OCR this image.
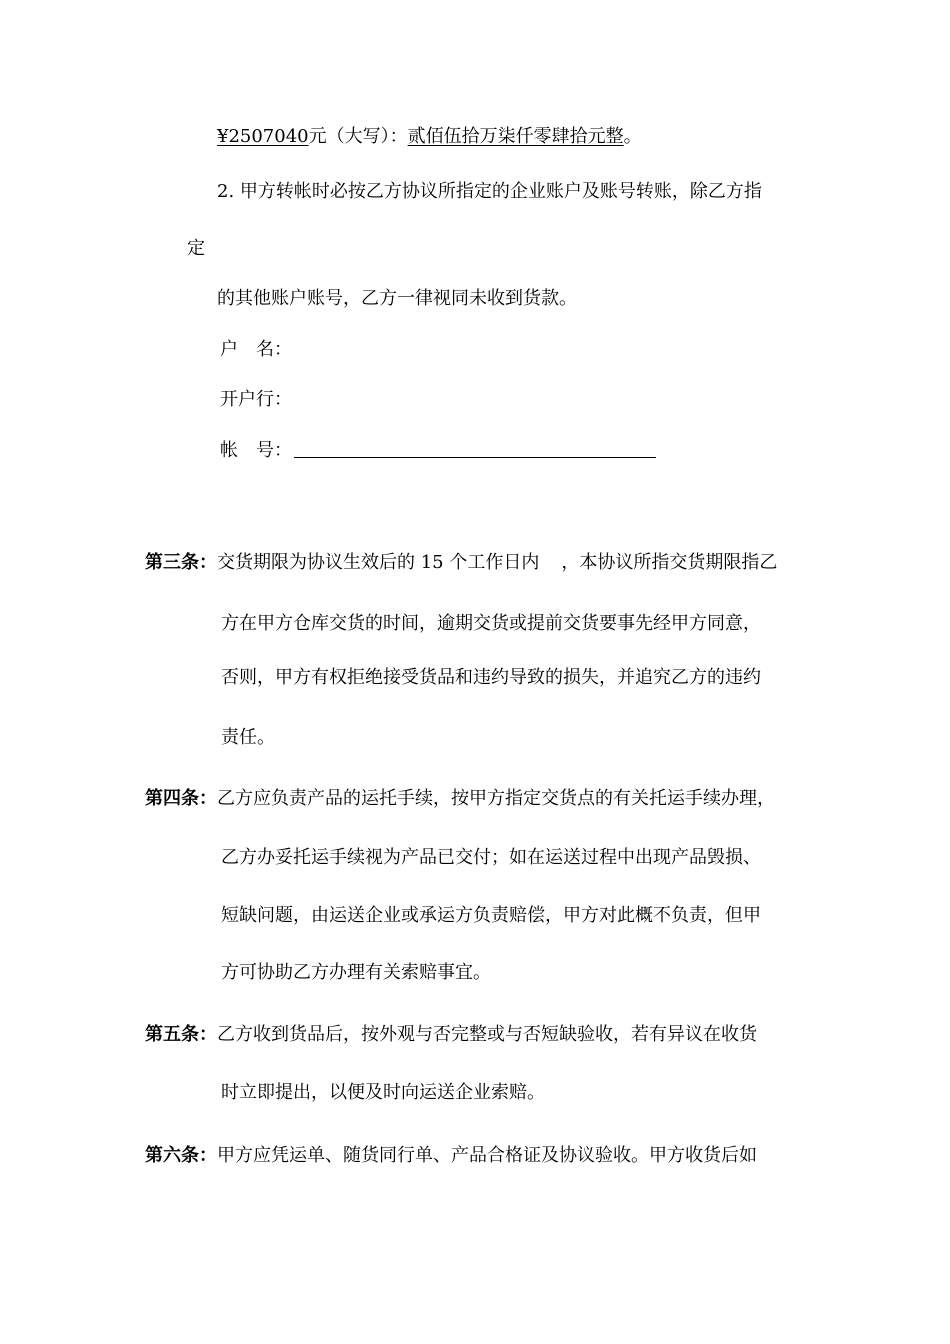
¥2507040元（大写）：贰佰伍拾万柒仟零肆拾元整。
2. 甲方转帐时必按乙方协议所指定的企业账户及账号转账，除乙方指
定
的其他账户账号，乙方一律视同未收到货款。
户 名：
开户行：
帐 号：
第三条：交货期限为协议生效后的 15 个工作日内 ，本协议所指交货期限指乙
方在甲方仓库交货的时间，逾期交货或提前交货要事先经甲方同意，
否则，甲方有权拒绝接受货品和违约导致的损失，并追究乙方的违约
责任。
第四条：乙方应负责产品的运托手续，按甲方指定交货点的有关托运手续办理，
乙方办妥托运手续视为产品已交付；如在运送过程中出现产品毁损、
短缺问题，由运送企业或承运方负责赔偿，甲方对此概不负责，但甲
方可协助乙方办理有关索赔事宜。
第五条：乙方收到货品后，按外观与否完整或与否短缺验收，若有异议在收货
时立即提出，以便及时向运送企业索赔。
第六条：甲方应凭运单、随货同行单、产品合格证及协议验收。甲方收货后如
